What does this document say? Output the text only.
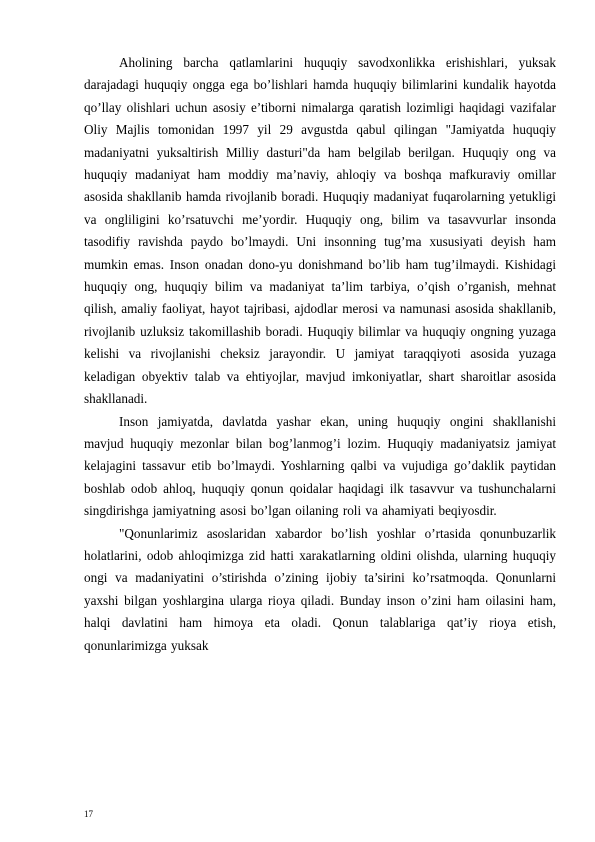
Aholining barcha qatlamlarini huquqiy savodxonlikka erishishlari, yuksak darajadagi huquqiy ongga ega bo’lishlari hamda huquqiy bilimlarini kundalik hayotda qo’llay olishlari uchun asosiy e’tiborni nimalarga qaratish lozimligi haqidagi vazifalar Oliy Majlis tomonidan 1997 yil 29 avgustda qabul qilingan "Jamiyatda huquqiy madaniyatni yuksaltirish Milliy dasturi"da ham belgilab berilgan. Huquqiy ong va huquqiy madaniyat ham moddiy ma’naviy, ahloqiy va boshqa mafkuraviy omillar asosida shakllanib hamda rivojlanib boradi. Huquqiy madaniyat fuqarolarning yetukligi va ongliligini ko’rsatuvchi me’yordir. Huquqiy ong, bilim va tasavvurlar insonda tasodifiy ravishda paydo bo’lmaydi. Uni insonning tug’ma xususiyati deyish ham mumkin emas. Inson onadan dono-yu donishmand bo’lib ham tug’ilmaydi. Kishidagi huquqiy ong, huquqiy bilim va madaniyat ta’lim tarbiya, o’qish o’rganish, mehnat qilish, amaliy faoliyat, hayot tajribasi, ajdodlar merosi va namunasi asosida shakllanib, rivojlanib uzluksiz takomillashib boradi. Huquqiy bilimlar va huquqiy ongning yuzaga kelishi va rivojlanishi cheksiz jarayondir. U jamiyat taraqqiyoti asosida yuzaga keladigan obyektiv talab va ehtiyojlar, mavjud imkoniyatlar, shart sharoitlar asosida shakllanadi.

Inson jamiyatda, davlatda yashar ekan, uning huquqiy ongini shakllanishi mavjud huquqiy mezonlar bilan bog’lanmog’i lozim. Huquqiy madaniyatsiz jamiyat kelajagini tassavur etib bo’lmaydi. Yoshlarning qalbi va vujudiga go’daklik paytidan boshlab odob ahloq, huquqiy qonun qoidalar haqidagi ilk tasavvur va tushunchalarni singdirishga jamiyatning asosi bo’lgan oilaning roli va ahamiyati beqiyosdir.

"Qonunlarimiz asoslaridan xabardor bo’lish yoshlar o’rtasida qonunbuzarlik holatlarini, odob ahloqimizga zid hatti xarakatlarning oldini olishda, ularning huquqiy ongi va madaniyatini o’stirishda o’zining ijobiy ta’sirini ko’rsatmoqda. Qonunlarni yaxshi bilgan yoshlargina ularga rioya qiladi. Bunday inson o’zini ham oilasini ham, halqi davlatini ham himoya eta oladi. Qonun talablariga qat’iy rioya etish, qonunlarimizga yuksak

17
